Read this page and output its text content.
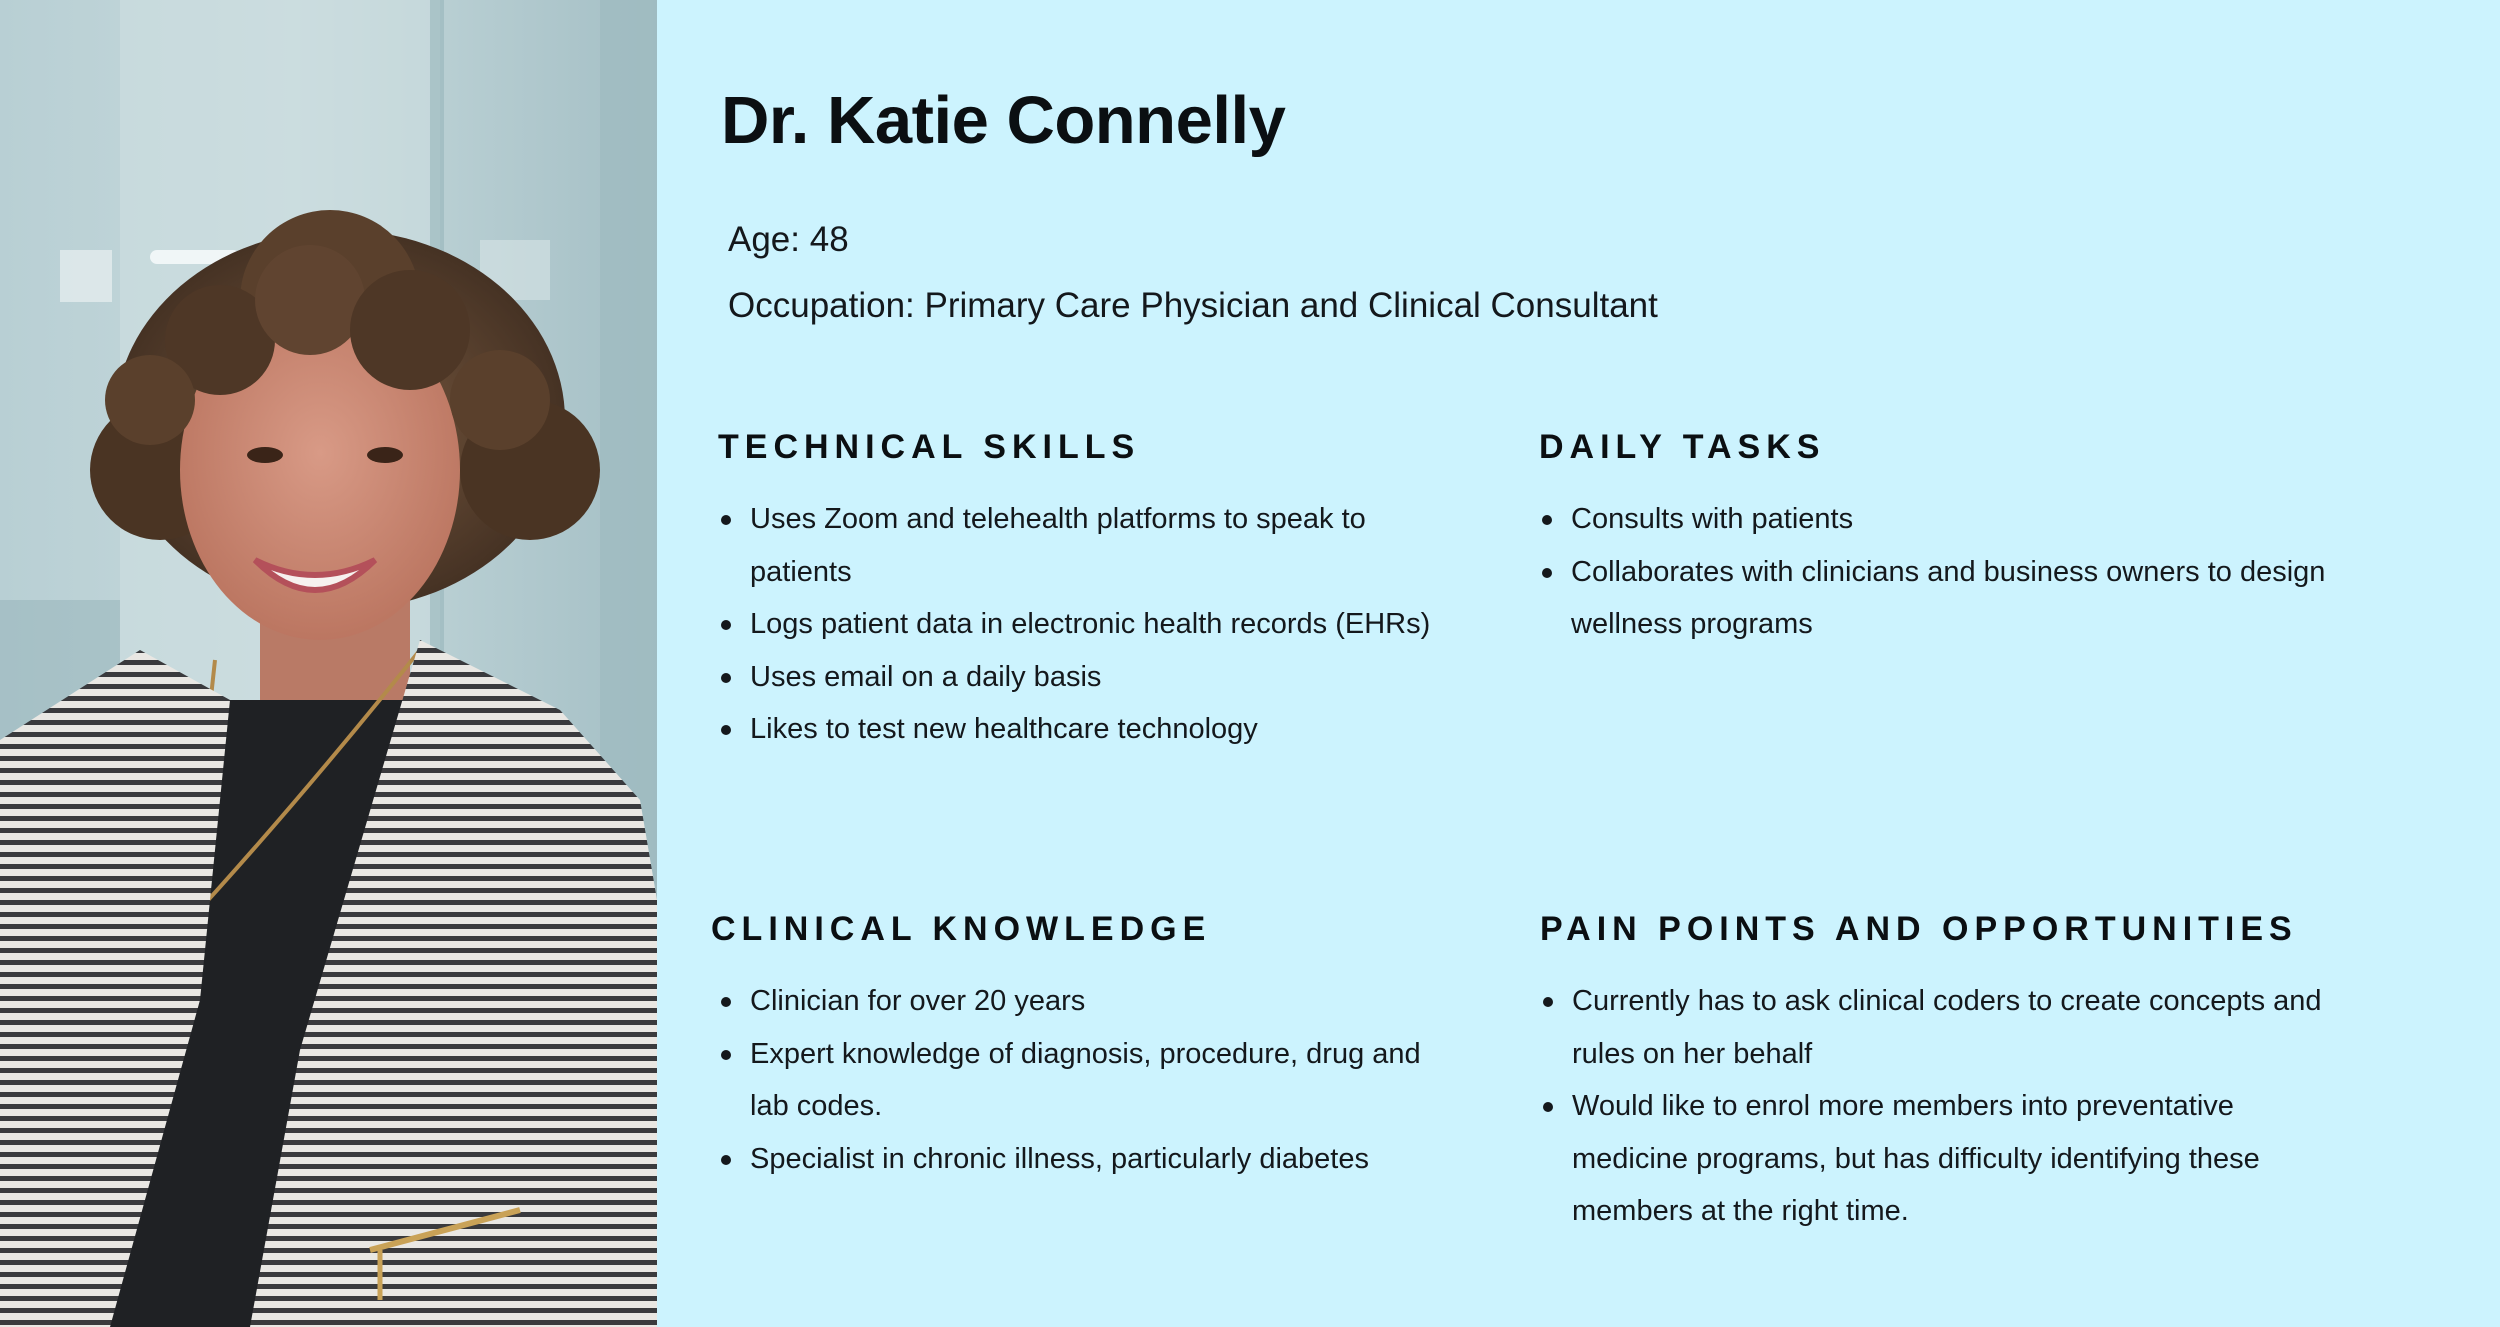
Dr. Katie Connelly

Age: 48

Occupation: Primary Care Physician and Clinical Consultant

TECHNICAL SKILLS
Uses Zoom and telehealth platforms to speak to patients
Logs patient data in electronic health records (EHRs)
Uses email on a daily basis
Likes to test new healthcare technology
DAILY TASKS
Consults with patients
Collaborates with clinicians and business owners to design wellness programs
CLINICAL KNOWLEDGE
Clinician for over 20 years
Expert knowledge of diagnosis, procedure, drug and lab codes.
Specialist in chronic illness, particularly diabetes
PAIN POINTS AND OPPORTUNITIES
Currently has to ask clinical coders to create concepts and rules on her behalf
Would like to enrol more members into preventative medicine programs, but has difficulty identifying these members at the right time.
